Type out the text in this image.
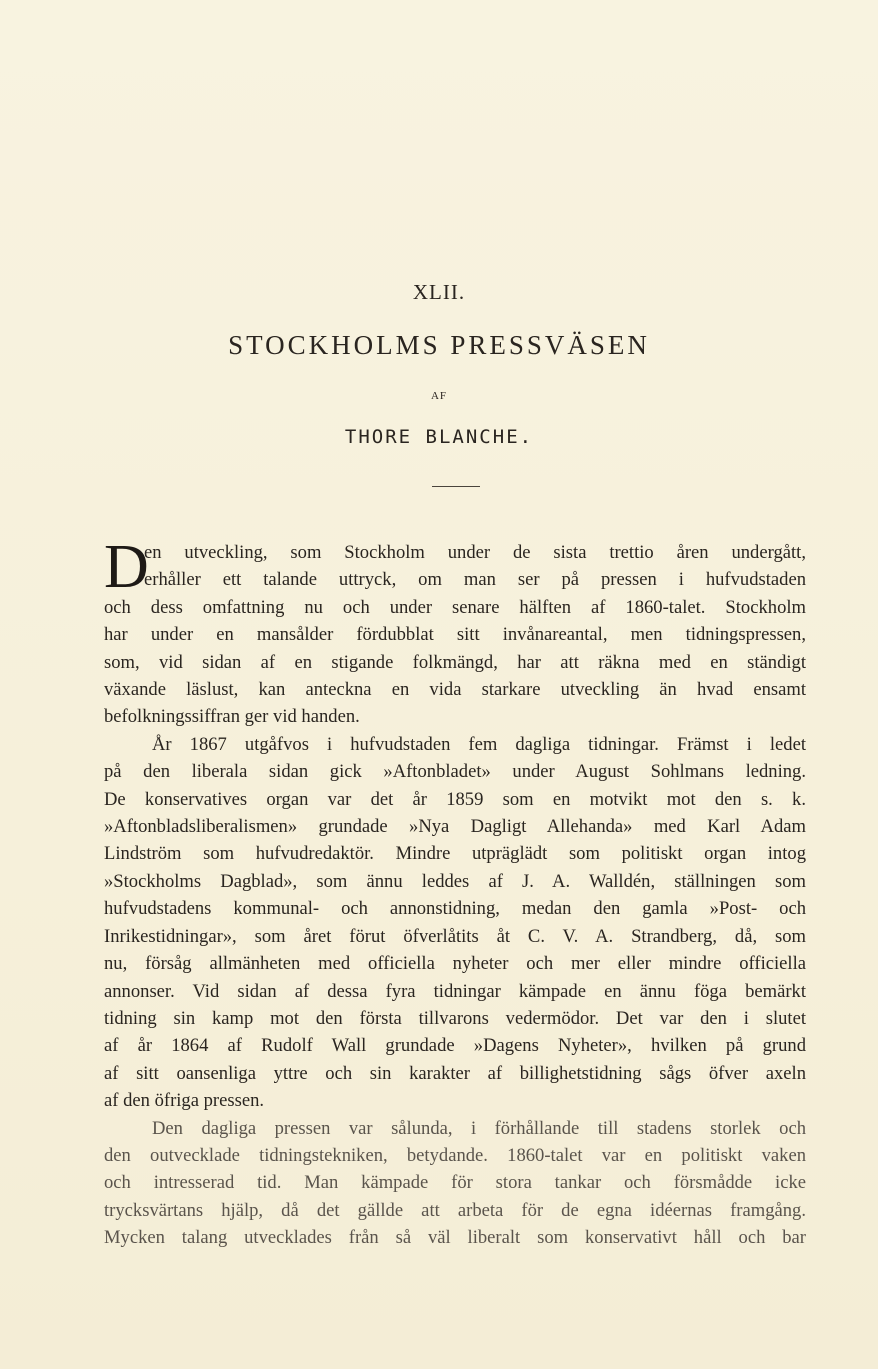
XLII.
STOCKHOLMS PRESSVÄSEN
AF
THORE BLANCHE.
D
en utveckling, som Stockholm under de sista trettio åren undergått,
erhåller ett talande uttryck, om man ser på pressen i hufvudstaden
och dess omfattning nu och under senare hälften af 1860-talet. Stockholm
har under en mansålder fördubblat sitt invånareantal, men tidningspressen,
som, vid sidan af en stigande folkmängd, har att räkna med en ständigt
växande läslust, kan anteckna en vida starkare utveckling än hvad ensamt
befolkningssiffran ger vid handen.
År 1867 utgåfvos i hufvudstaden fem dagliga tidningar. Främst i ledet
på den liberala sidan gick »Aftonbladet» under August Sohlmans ledning.
De konservatives organ var det år 1859 som en motvikt mot den s. k.
»Aftonbladsliberalismen» grundade »Nya Dagligt Allehanda» med Karl Adam
Lindström som hufvudredaktör. Mindre utpräglädt som politiskt organ intog
»Stockholms Dagblad», som ännu leddes af J. A. Walldén, ställningen som
hufvudstadens kommunal- och annonstidning, medan den gamla »Post- och
Inrikestidningar», som året förut öfverlåtits åt C. V. A. Strandberg, då, som
nu, försåg allmänheten med officiella nyheter och mer eller mindre officiella
annonser. Vid sidan af dessa fyra tidningar kämpade en ännu föga bemärkt
tidning sin kamp mot den första tillvarons vedermödor. Det var den i slutet
af år 1864 af Rudolf Wall grundade »Dagens Nyheter», hvilken på grund
af sitt oansenliga yttre och sin karakter af billighetstidning sågs öfver axeln
af den öfriga pressen.
Den dagliga pressen var sålunda, i förhållande till stadens storlek och
den outvecklade tidningstekniken, betydande. 1860-talet var en politiskt vaken
och intresserad tid. Man kämpade för stora tankar och försmådde icke
trycksvärtans hjälp, då det gällde att arbeta för de egna idéernas framgång.
Mycken talang utvecklades från så väl liberalt som konservativt håll och bar
